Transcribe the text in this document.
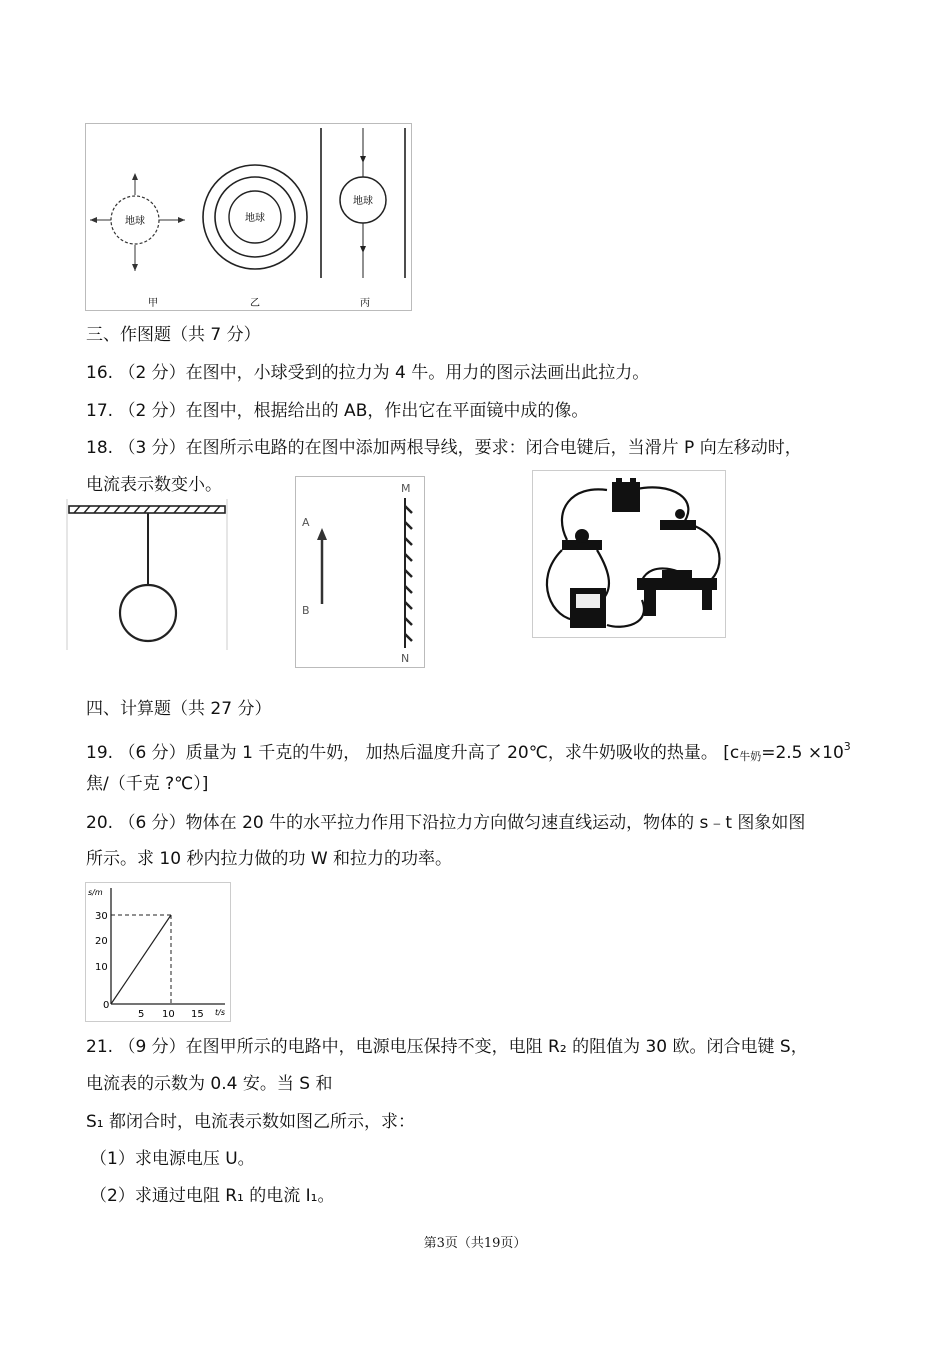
地球	地球
地球
甲	乙	丙
三、作图题（共 7 分）
16. （2 分）在图中，小球受到的拉力为 4 牛。用力的图示法画出此拉力。
17. （2 分）在图中，根据给出的 AB，作出它在平面镜中成的像。
18. （3 分）在图所示电路的在图中添加两根导线，要求：闭合电键后，当滑片 P 向左移动时，
电流表示数变小。
A
B
M
N
四、计算题（共 27 分）
19. （6 分）质量为 1 千克的牛奶， 加热后温度升高了 20℃，求牛奶吸收的热量。 [c牛奶$=2.5 \times 10^3$
焦/（千克 ?℃）]
20. （6 分）物体在 20 牛的水平拉力作用下沿拉力方向做匀速直线运动，物体的 s﹣t 图象如图
所示。求 10 秒内拉力做的功 W 和拉力的功率。
s/m
t/s
30
20
10
0
5 10 15
21. （9 分）在图甲所示的电路中，电源电压保持不变，电阻 R₂ 的阻值为 30 欧。闭合电键 S，
电流表的示数为 0.4 安。当 S 和
S₁ 都闭合时，电流表示数如图乙所示，求：
（1）求电源电压 U。
（2）求通过电阻 R₁ 的电流 I₁。
第3页（共19页）
